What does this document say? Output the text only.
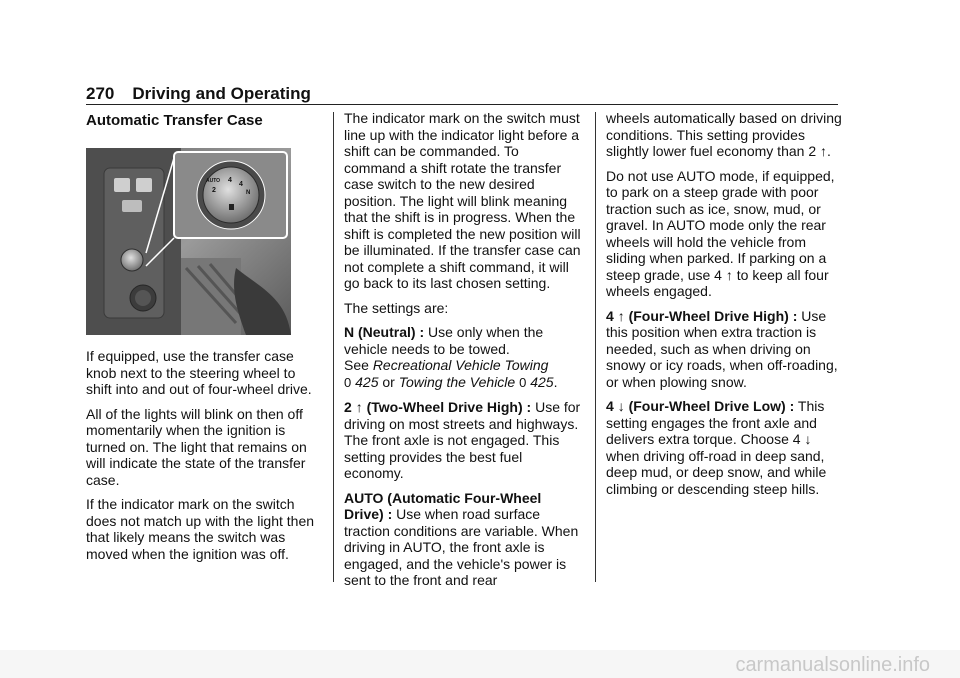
270 Driving and Operating
Automatic Transfer Case
AUTO
2
4
4
N

If equipped, use the transfer case knob next to the steering wheel to shift into and out of four-wheel drive.

All of the lights will blink on then off momentarily when the ignition is turned on. The light that remains on will indicate the state of the transfer case.

If the indicator mark on the switch does not match up with the light then that likely means the switch was moved when the ignition was off.

The indicator mark on the switch must line up with the indicator light before a shift can be commanded. To command a shift rotate the transfer case switch to the new desired position. The light will blink meaning that the shift is in progress. When the shift is completed the new position will be illuminated. If the transfer case can not complete a shift command, it will go back to its last chosen setting.

The settings are:

N (Neutral) : Use only when the vehicle needs to be towed.
See Recreational Vehicle Towing
0 425 or Towing the Vehicle 0 425.

2 ↑ (Two-Wheel Drive High) : Use for driving on most streets and highways. The front axle is not engaged. This setting provides the best fuel economy.

AUTO (Automatic Four-Wheel Drive) : Use when road surface traction conditions are variable. When driving in AUTO, the front axle is engaged, and the vehicle's power is sent to the front and rear

wheels automatically based on driving conditions. This setting provides slightly lower fuel economy than 2 ↑.

Do not use AUTO mode, if equipped, to park on a steep grade with poor traction such as ice, snow, mud, or gravel. In AUTO mode only the rear wheels will hold the vehicle from sliding when parked. If parking on a steep grade, use 4 ↑ to keep all four wheels engaged.

4 ↑ (Four-Wheel Drive High) : Use this position when extra traction is needed, such as when driving on snowy or icy roads, when off-roading, or when plowing snow.

4 ↓ (Four-Wheel Drive Low) : This setting engages the front axle and delivers extra torque. Choose 4 ↓ when driving off-road in deep sand, deep mud, or deep snow, and while climbing or descending steep hills.

carmanualsonline.info
